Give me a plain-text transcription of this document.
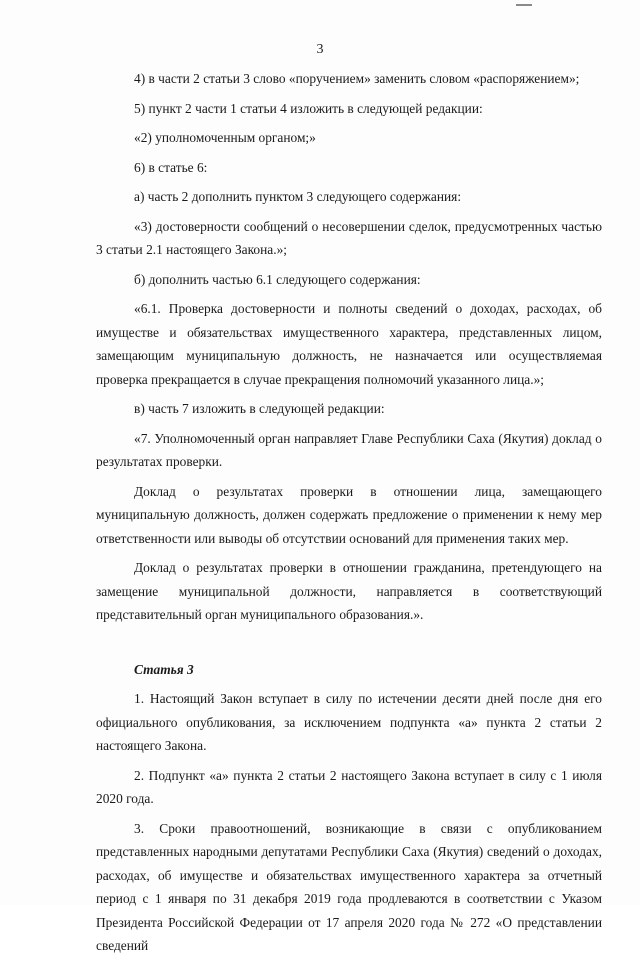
3

4) в части 2 статьи 3 слово «поручением» заменить словом «распоряжением»;

5) пункт 2 части 1 статьи 4 изложить в следующей редакции:

«2) уполномоченным органом;»

6) в статье 6:

а) часть 2 дополнить пунктом 3 следующего содержания:

«3) достоверности сообщений о несовершении сделок, предусмотренных частью 3 статьи 2.1 настоящего Закона.»;

б) дополнить частью 6.1 следующего содержания:

«6.1. Проверка достоверности и полноты сведений о доходах, расходах, об имуществе и обязательствах имущественного характера, представленных лицом, замещающим муниципальную должность, не назначается или осуществляемая проверка прекращается в случае прекращения полномочий указанного лица.»;

в) часть 7 изложить в следующей редакции:

«7. Уполномоченный орган направляет Главе Республики Саха (Якутия) доклад о результатах проверки.

Доклад о результатах проверки в отношении лица, замещающего муниципальную должность, должен содержать предложение о применении к нему мер ответственности или выводы об отсутствии оснований для применения таких мер.

Доклад о результатах проверки в отношении гражданина, претендующего на замещение муниципальной должности, направляется в соответствующий представительный орган муниципального образования.».

Статья 3

1. Настоящий Закон вступает в силу по истечении десяти дней после дня его официального опубликования, за исключением подпункта «а» пункта 2 статьи 2 настоящего Закона.

2. Подпункт «а» пункта 2 статьи 2 настоящего Закона вступает в силу с 1 июля 2020 года.

3. Сроки правоотношений, возникающие в связи с опубликованием представленных народными депутатами Республики Саха (Якутия) сведений о доходах, расходах, об имуществе и обязательствах имущественного характера за отчетный период с 1 января по 31 декабря 2019 года продлеваются в соответствии с Указом Президента Российской Федерации от 17 апреля 2020 года № 272 «О представлении сведений
